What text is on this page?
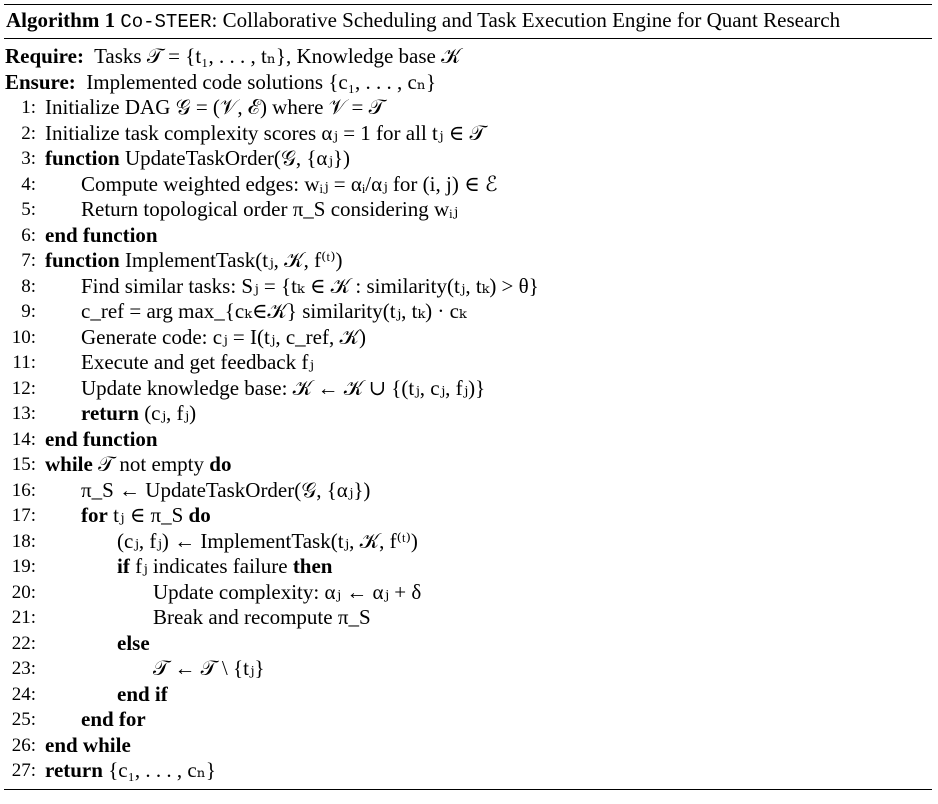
Algorithm 1 Co-STEER: Collaborative Scheduling and Task Execution Engine for Quant Research
Require: Tasks 𝒯 = {t₁, . . . , tₙ}, Knowledge base 𝒦
Ensure: Implemented code solutions {c₁, . . . , cₙ}
1: Initialize DAG 𝒢 = (𝒱, ℰ) where 𝒱 = 𝒯
2: Initialize task complexity scores αⱼ = 1 for all tⱼ ∈ 𝒯
3: function UpdateTaskOrder(𝒢, {αⱼ})
4: Compute weighted edges: wᵢⱼ = αᵢ/αⱼ for (i, j) ∈ ℰ
5: Return topological order π_S considering wᵢⱼ
6: end function
7: function ImplementTask(tⱼ, 𝒦, f⁽ᵗ⁾)
8: Find similar tasks: Sⱼ = {tₖ ∈ 𝒦 : similarity(tⱼ, tₖ) > θ}
9: c_ref = arg max_{cₖ∈𝒦} similarity(tⱼ, tₖ) · cₖ
10: Generate code: cⱼ = I(tⱼ, c_ref, 𝒦)
11: Execute and get feedback fⱼ
12: Update knowledge base: 𝒦 ← 𝒦 ∪ {(tⱼ, cⱼ, fⱼ)}
13: return (cⱼ, fⱼ)
14: end function
15: while 𝒯 not empty do
16: π_S ← UpdateTaskOrder(𝒢, {αⱼ})
17: for tⱼ ∈ π_S do
18:	(cⱼ, fⱼ) ← ImplementTask(tⱼ, 𝒦, f⁽ᵗ⁾)
19:	if fⱼ indicates failure then
20:	Update complexity: αⱼ ← αⱼ + δ
21:	Break and recompute π_S
22:	else
23:	𝒯 ← 𝒯 \ {tⱼ}
24:	end if
25: end for
26: end while
27: return {c₁, . . . , cₙ}
